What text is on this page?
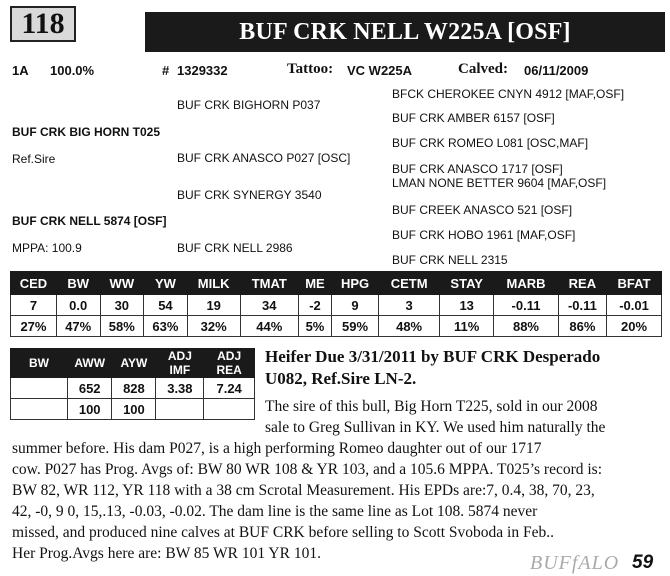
118	BUF CRK NELL W225A [OSF]
1A 100.0%	# 1329332	Tattoo: VC W225A	Calved: 06/11/2009
BUF CRK BIG HORN T025
Ref.Sire
BUF CRK NELL 5874 [OSF]
MPPA: 100.9
BUF CRK BIGHORN P037
BUF CRK ANASCO P027 [OSC]
BUF CRK SYNERGY 3540
BUF CRK NELL 2986
BFCK CHEROKEE CNYN 4912 [MAF,OSF]
BUF CRK AMBER 6157 [OSF]
BUF CRK ROMEO L081 [OSC,MAF]
BUF CRK ANASCO 1717 [OSF]
LMAN NONE BETTER 9604 [MAF,OSF]
BUF CREEK ANASCO 521 [OSF]
BUF CRK HOBO 1961 [MAF,OSF]
BUF CRK NELL 2315
CED	BW	WW	YW	MILK	TMAT	ME	HPG	CETM	STAY	MARB	REA	BFAT
7	0.0	30	54	19	34	-2	9	3	13	-0.11	-0.11	-0.01
27%	47%	58%	63%	32%	44%	5%	59%	48%	11%	88%	86%	20%
BW	AWW	AYW	ADJ IMF	ADJ REA
	652	828	3.38	7.24
	100	100		
Heifer Due 3/31/2011 by BUF CRK Desperado
U082, Ref.Sire LN-2.
The sire of this bull, Big Horn T225, sold in our 2008
sale to Greg Sullivan in KY. We used him naturally the
summer before. His dam P027, is a high performing Romeo daughter out of our 1717
cow. P027 has Prog. Avgs of: BW 80 WR 108 & YR 103, and a 105.6 MPPA. T025’s record is:
BW 82, WR 112, YR 118 with a 38 cm Scrotal Measurement. His EPDs are:7, 0.4, 38, 70, 23,
42, -0, 9 0, 15,.13, -0.03, -0.02. The dam line is the same line as Lot 108. 5874 never
missed, and produced nine calves at BUF CRK before selling to Scott Svoboda in Feb..
Her Prog.Avgs here are: BW 85 WR 101 YR 101.	BUFfALO 59
